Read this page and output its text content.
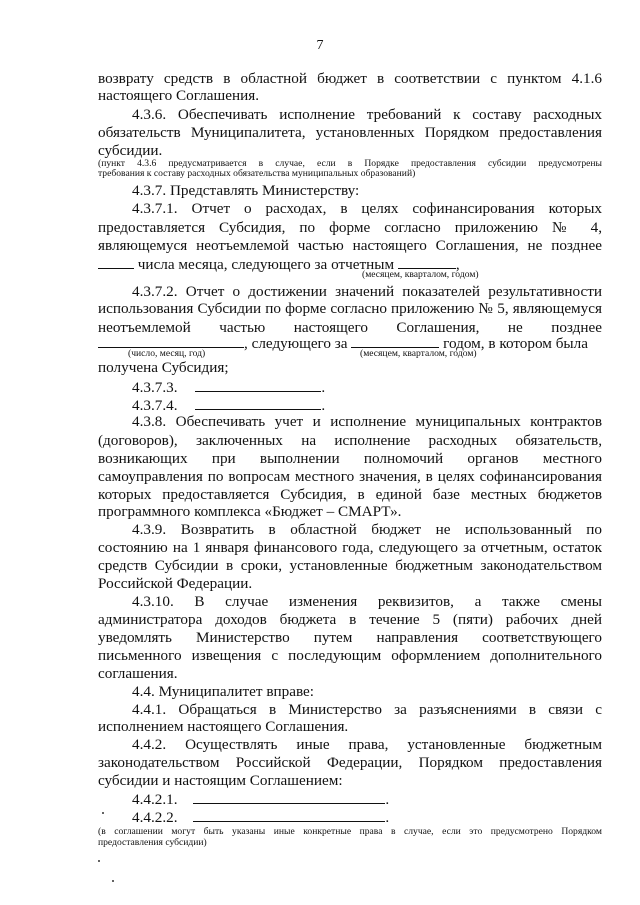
7
возврату средств в областной бюджет в соответствии с пунктом 4.1.6
настоящего Соглашения.
4.3.6. Обеспечивать исполнение требований к составу расходных
обязательств Муниципалитета, установленных Порядком предоставления
субсидии.
(пункт 4.3.6 предусматривается в случае, если в Порядке предоставления субсидии предусмотрены
требования к составу расходных обязательства муниципальных образований)
4.3.7. Представлять Министерству:
4.3.7.1. Отчет о расходах, в целях софинансирования которых
предоставляется Субсидия, по форме согласно приложению № 4,
являющемуся неотъемлемой частью настоящего Соглашения, не позднее
числа месяца, следующего за отчетным	,
(месяцем, кварталом, годом)
4.3.7.2. Отчет о достижении значений показателей результативности
использования Субсидии по форме согласно приложению № 5, являющемуся
неотъемлемой частью настоящего Соглашения, не позднее
, следующего за	годом, в котором была
(число, месяц, год)	(месяцем, кварталом, годом)
получена Субсидия;
4.3.7.3.	.
4.3.7.4.	.
4.3.8. Обеспечивать учет и исполнение муниципальных контрактов
(договоров), заключенных на исполнение расходных обязательств,
возникающих при выполнении полномочий органов местного
самоуправления по вопросам местного значения, в целях софинансирования
которых предоставляется Субсидия, в единой базе местных бюджетов
программного комплекса «Бюджет – СМАРТ».
4.3.9. Возвратить в областной бюджет не использованный по
состоянию на 1 января финансового года, следующего за отчетным, остаток
средств Субсидии в сроки, установленные бюджетным законодательством
Российской Федерации.
4.3.10. В случае изменения реквизитов, а также смены
администратора доходов бюджета в течение 5 (пяти) рабочих дней
уведомлять Министерство путем направления соответствующего
письменного извещения с последующим оформлением дополнительного
соглашения.
4.4. Муниципалитет вправе:
4.4.1. Обращаться в Министерство за разъяснениями в связи с
исполнением настоящего Соглашения.
4.4.2. Осуществлять иные права, установленные бюджетным
законодательством Российской Федерации, Порядком предоставления
субсидии и настоящим Соглашением:
4.4.2.1.	.
4.4.2.2.	.
(в соглашении могут быть указаны иные конкретные права в случае, если это предусмотрено Порядком
предоставления субсидии)
